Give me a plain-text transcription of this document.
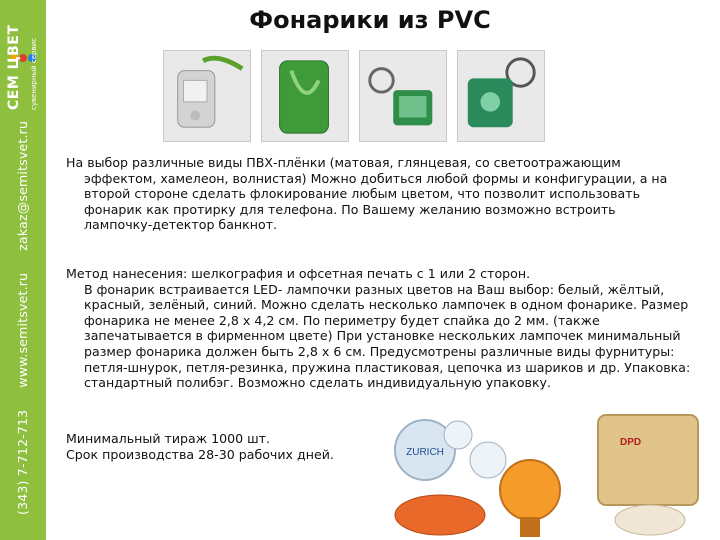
СЕМ ЦВЕТ сувенирный сервис
(343) 7-712-713
www.semitsvet.ru
zakaz@semitsvet.ru
Фонарики из PVC
На выбор различные виды ПВХ-плёнки (матовая, глянцевая, со светоотражающим
эффектом, хамелеон, волнистая) Можно добиться любой формы и конфигурации, а на второй стороне сделать флокирование любым цветом, что позволит использовать фонарик как протирку для телефона. По Вашему желанию возможно встроить лампочку-детектор банкнот.
Метод нанесения: шелкография и офсетная печать с 1 или 2 сторон.
В фонарик встраивается LED- лампочки разных цветов на Ваш выбор: белый, жёлтый, красный, зелёный, синий. Можно сделать несколько лампочек в одном фонарике. Размер фонарика не менее 2,8 х 4,2 см. По периметру будет спайка до 2 мм. (также запечатывается в фирменном цвете) При установке нескольких лампочек минимальный размер фонарика должен быть 2,8 х 6 см. Предусмотрены различные виды фурнитуры: петля-шнурок, петля-резинка, пружина пластиковая, цепочка из шариков и др. Упаковка: стандартный полибэг. Возможно сделать индивидуальную упаковку.
Минимальный тираж 1000 шт.
Срок производства 28-30 рабочих дней.	ZURICH
DPD
